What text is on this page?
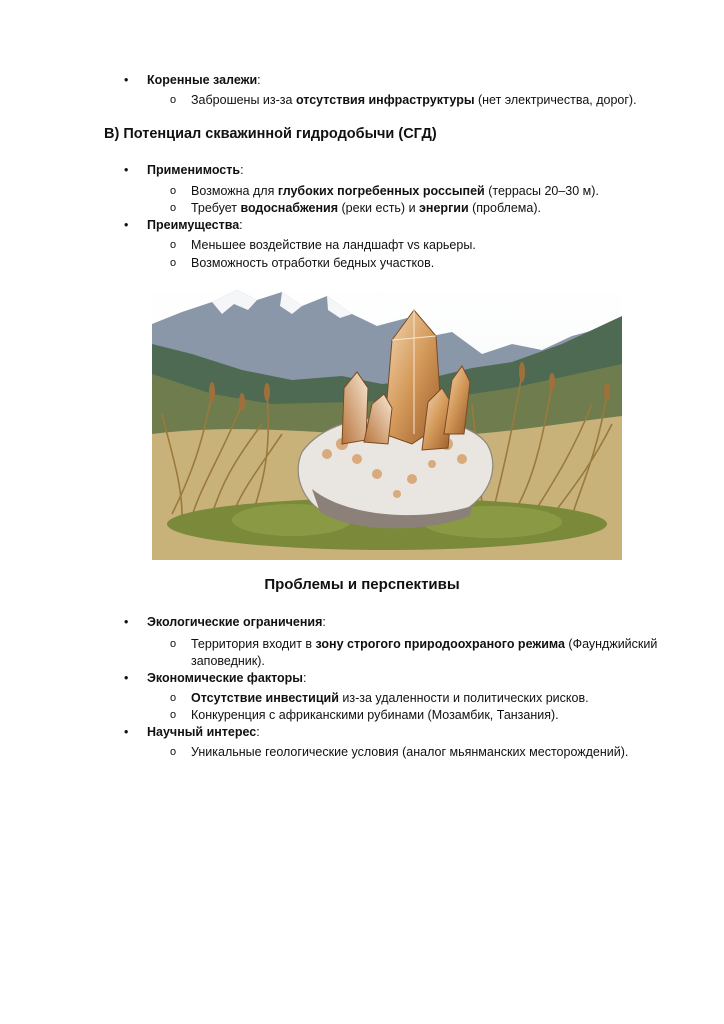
Коренные залежи:
o Заброшены из-за отсутствия инфраструктуры (нет электричества, дорог).
В) Потенциал скважинной гидродобычи (СГД)
Применимость:
o Возможна для глубоких погребенных россыпей (террасы 20–30 м).
o Требует водоснабжения (реки есть) и энергии (проблема).
Преимущества:
o Меньшее воздействие на ландшафт vs карьеры.
o Возможность отработки бедных участков.
Проблемы и перспективы
Экологические ограничения:
o Территория входит в зону строгого природоохраного режима (Фаунджийский заповедник).
Экономические факторы:
o Отсутствие инвестиций из-за удаленности и политических рисков.
o Конкуренция с африканскими рубинами (Мозамбик, Танзания).
Научный интерес:
o Уникальные геологические условия (аналог мьянманских месторождений).
